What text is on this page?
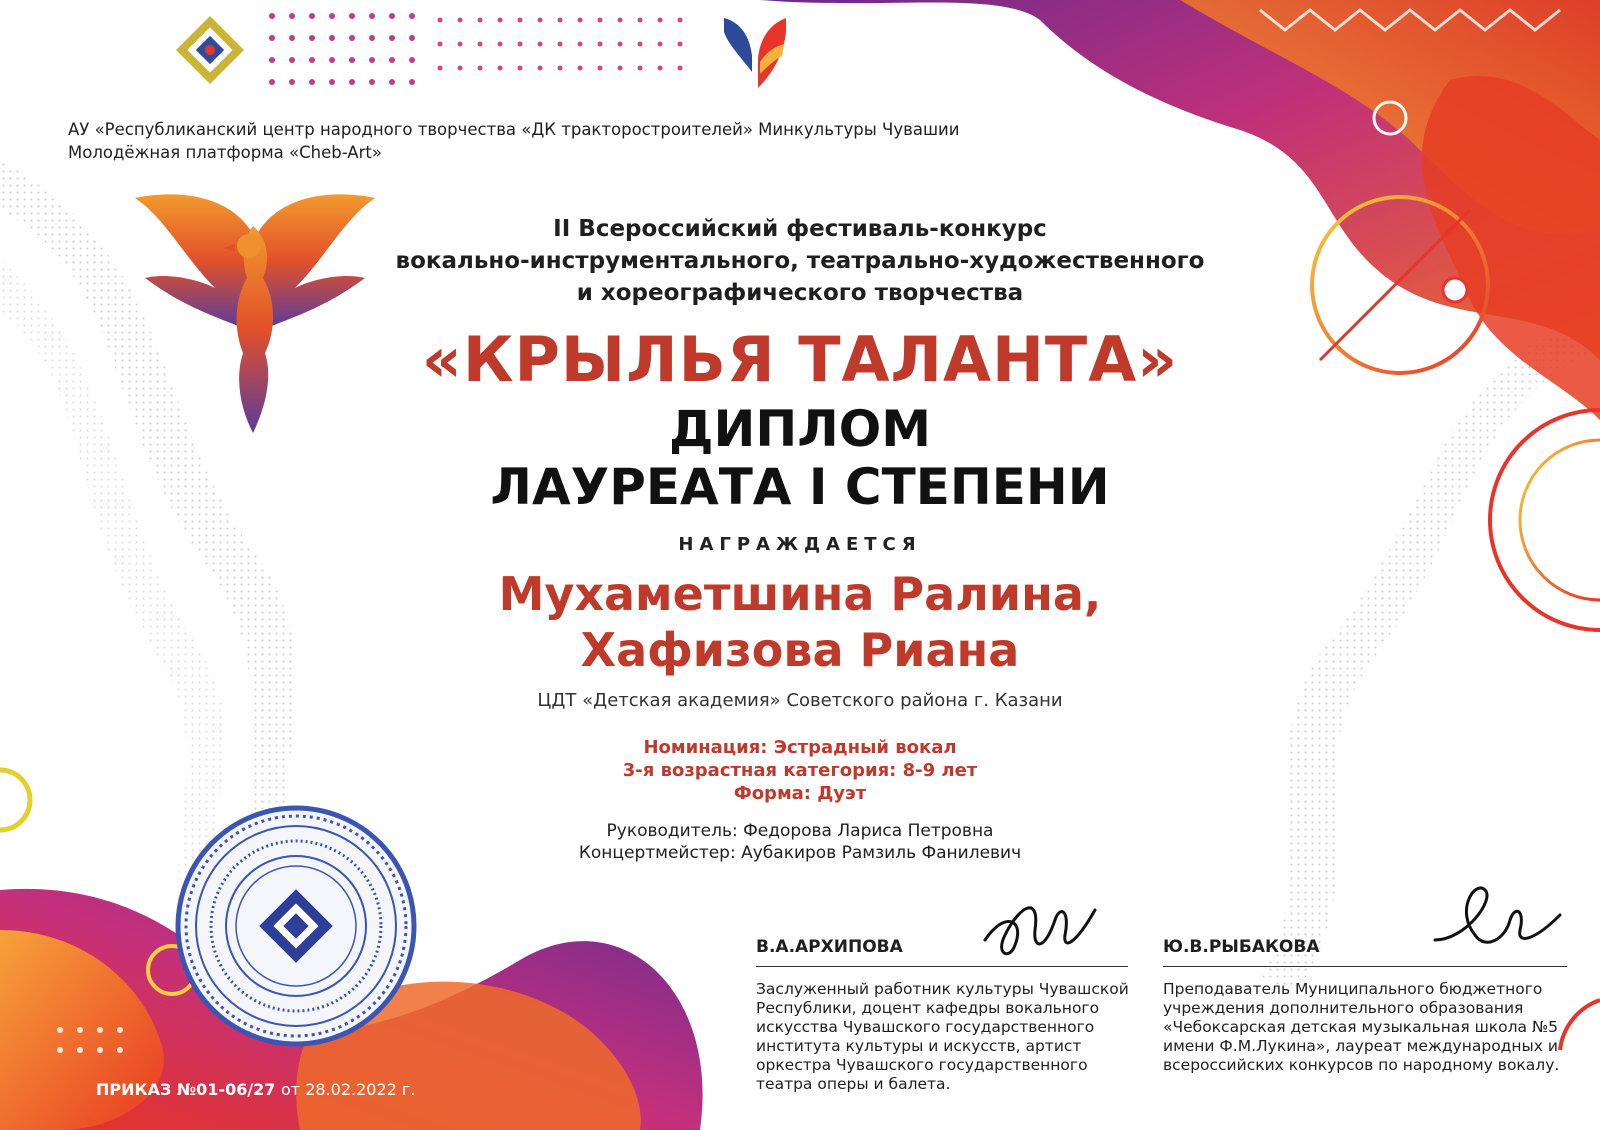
АУ «Республиканский центр народного творчества «ДК тракторостроителей» Минкультуры Чувашии
Молодёжная платформа «Cheb-Art»
II Всероссийский фестиваль-конкурс
вокально-инструментального, театрально-художественного
и хореографического творчества
«КРЫЛЬЯ ТАЛАНТА»
ДИПЛОМ
ЛАУРЕАТА I СТЕПЕНИ
НАГРАЖДАЕТСЯ
Мухаметшина Ралина,
Хафизова Риана
ЦДТ «Детская академия» Советского района г. Казани
Номинация: Эстрадный вокал
3-я возрастная категория: 8-9 лет
Форма: Дуэт
Руководитель: Федорова Лариса Петровна
Концертмейстер: Аубакиров Рамзиль Фанилевич
В.А.АРХИПОВА
Заслуженный работник культуры Чувашской Республики, доцент кафедры вокального искусства Чувашского государственного института культуры и искусств, артист оркестра Чувашского государственного театра оперы и балета.
Ю.В.РЫБАКОВА
Преподаватель Муниципального бюджетного учреждения дополнительного образования «Чебоксарская детская музыкальная школа №5 имени Ф.М.Лукина», лауреат международных и всероссийских конкурсов по народному вокалу.
ПРИКАЗ №01-06/27 от 28.02.2022 г.
